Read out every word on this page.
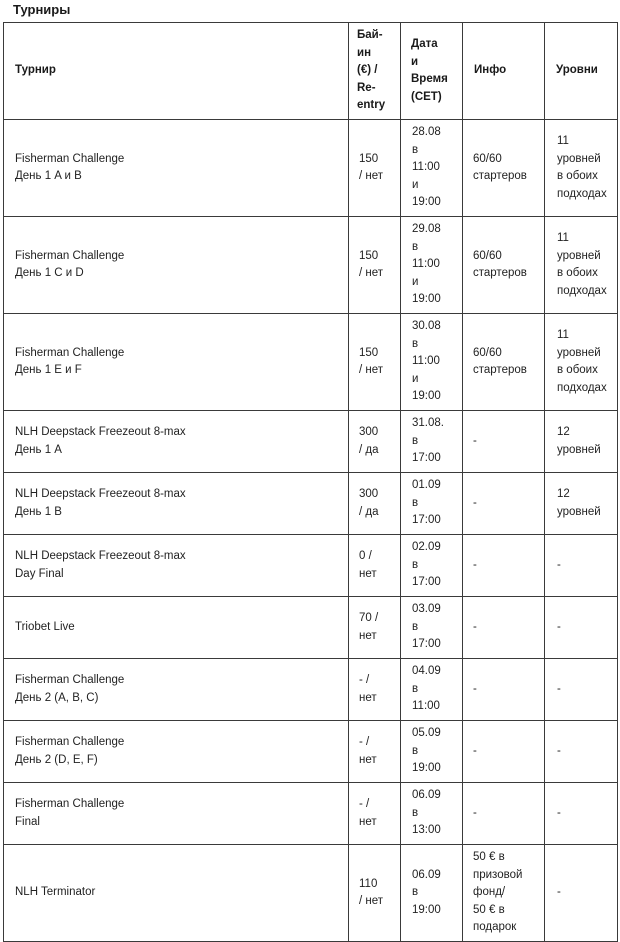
Турниры
Турнир	Бай-
ин
(€) /
Re-
entry	Дата
и
Время
(CET)	Инфо	Уровни

Fisherman Challenge
День 1 A и B	150
/ нет	28.08
в
11:00
и
19:00	60/60
стартеров	11
уровней
в обоих
подходах

Fisherman Challenge
День 1 C и D	150
/ нет	29.08
в
11:00
и
19:00	60/60
стартеров	11
уровней
в обоих
подходах

Fisherman Challenge
День 1 E и F	150
/ нет	30.08
в
11:00
и
19:00	60/60
стартеров	11
уровней
в обоих
подходах

NLH Deepstack Freezeout 8-max
День 1 A	300
/ да	31.08.
в
17:00	-	12
уровней

NLH Deepstack Freezeout 8-max
День 1 B	300
/ да	01.09
в
17:00	-	12
уровней

NLH Deepstack Freezeout 8-max
Day Final	0 /
нет	02.09
в
17:00	-	-

Triobet Live	70 /
нет	03.09
в
17:00	-	-

Fisherman Challenge
День 2 (A, B, C)	- /
нет	04.09
в
11:00	-	-

Fisherman Challenge
День 2 (D, E, F)	- /
нет	05.09
в
19:00	-	-

Fisherman Challenge
Final	- /
нет	06.09
в
13:00	-	-

NLH Terminator	110
/ нет	06.09
в
19:00	50 € в
призовой
фонд/
50 € в
подарок	-
